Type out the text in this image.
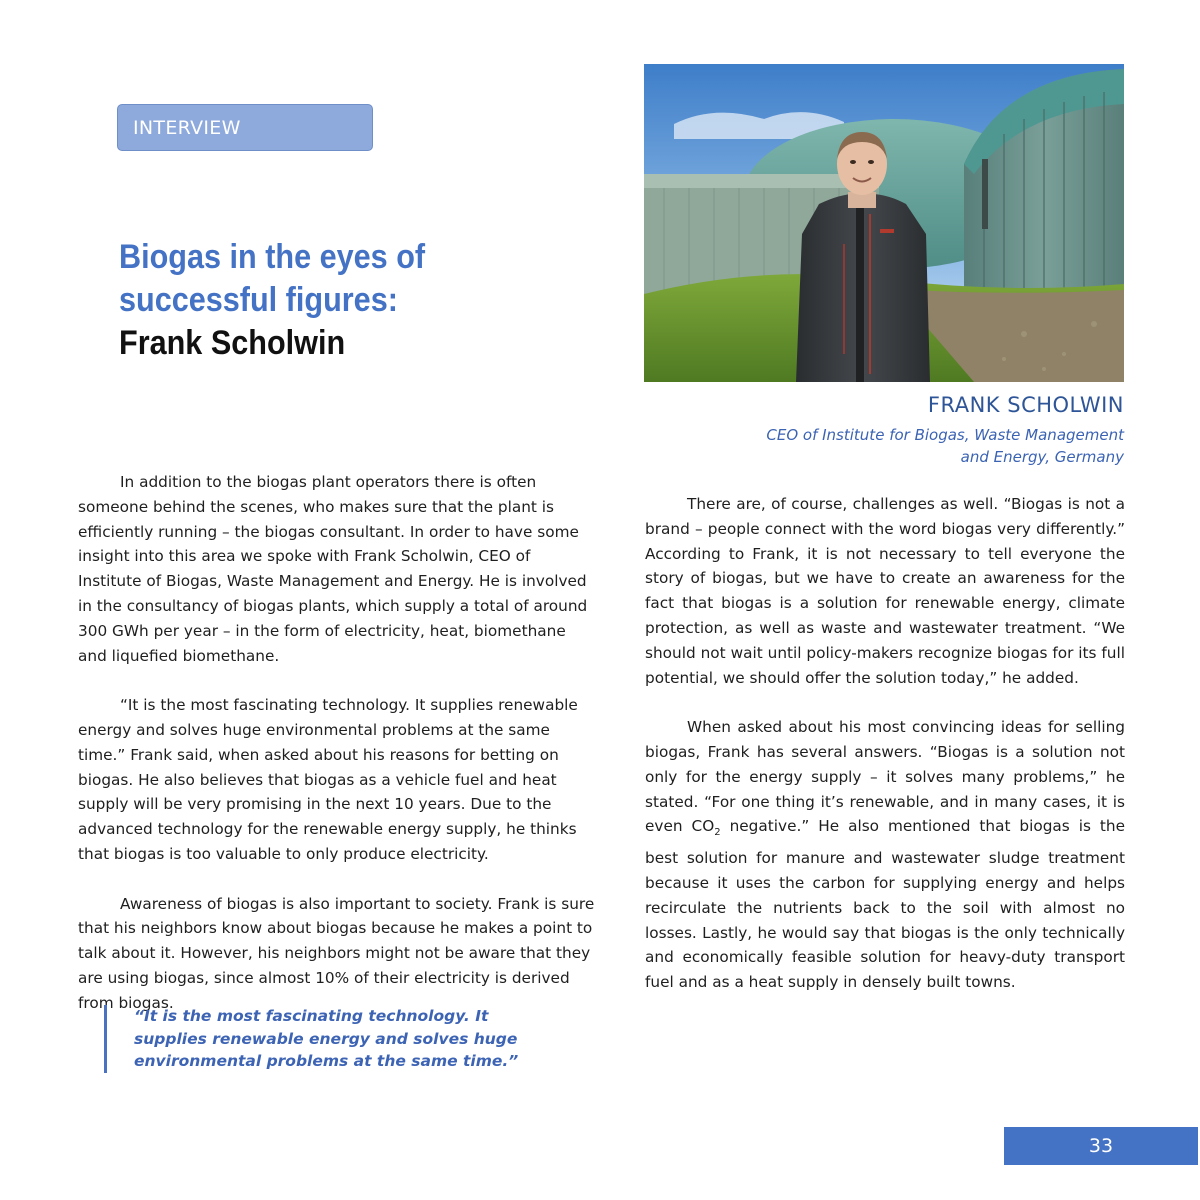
INTERVIEW
Biogas in the eyes of
successful figures:
Frank Scholwin
FRANK SCHOLWIN
CEO of Institute for Biogas, Waste Management
and Energy, Germany

In addition to the biogas plant operators there is often someone behind the scenes, who makes sure that the plant is efficiently running – the biogas consultant. In order to have some insight into this area we spoke with Frank Scholwin, CEO of Institute of Biogas, Waste Management and Energy. He is involved in the consultancy of biogas plants, which supply a total of around 300 GWh per year – in the form of electricity, heat, biomethane and liquefied biomethane.

“It is the most fascinating technology. It supplies renewable energy and solves huge environmental problems at the same time.” Frank said, when asked about his reasons for betting on biogas. He also believes that biogas as a vehicle fuel and heat supply will be very promising in the next 10 years. Due to the advanced technology for the renewable energy supply, he thinks that biogas is too valuable to only produce electricity.

Awareness of biogas is also important to society. Frank is sure that his neighbors know about biogas because he makes a point to talk about it. However, his neighbors might not be aware that they are using biogas, since almost 10% of their electricity is derived from biogas.

“It is the most fascinating technology. It supplies renewable energy and solves huge environmental problems at the same time.”

There are, of course, challenges as well. “Biogas is not a brand – people connect with the word biogas very differently.” According to Frank, it is not necessary to tell everyone the story of biogas, but we have to create an awareness for the fact that biogas is a solution for renewable energy, climate protection, as well as waste and wastewater treatment. “We should not wait until policy-makers recognize biogas for its full potential, we should offer the solution today,” he added.

When asked about his most convincing ideas for selling biogas, Frank has several answers. “Biogas is a solution not only for the energy supply – it solves many problems,” he stated. “For one thing it’s renewable, and in many cases, it is even $CO_2$ negative.” He also mentioned that biogas is the best solution for manure and wastewater sludge treatment because it uses the carbon for supplying energy and helps recirculate the nutrients back to the soil with almost no losses. Lastly, he would say that biogas is the only technically and economically feasible solution for heavy-duty transport fuel and as a heat supply in densely built towns.

33
